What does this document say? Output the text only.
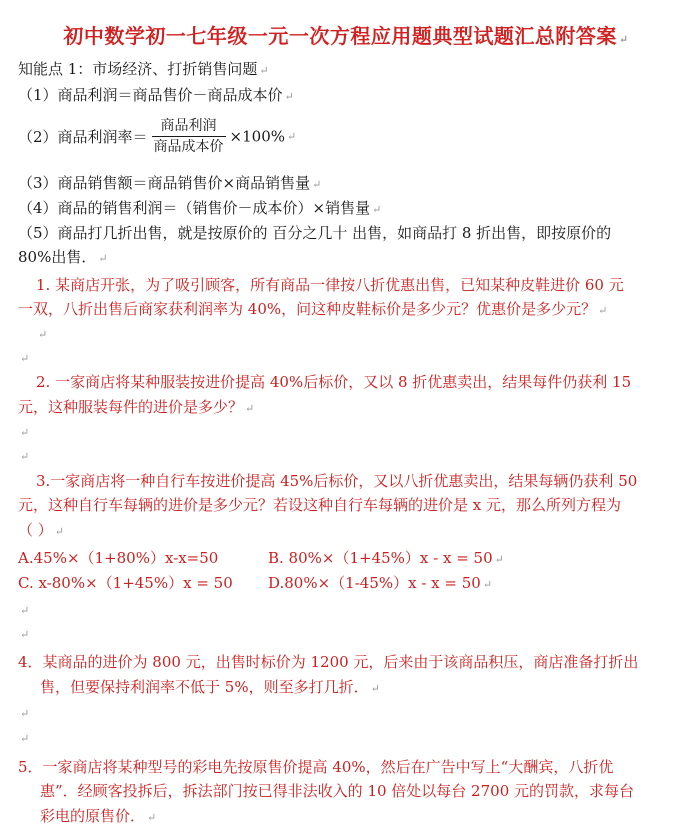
初中数学初一七年级一元一次方程应用题典型试题汇总附答案 ↵
知能点 1：市场经济、打折销售问题 ↵
（1）商品利润＝商品售价－商品成本价 ↵
（2）商品利润率＝ $\frac{\text{商品利润}}{\text{商品成本价}} \times 100\%$ ↵
（3）商品销售额＝商品销售价×商品销售量 ↵
（4）商品的销售利润＝（销售价－成本价）×销售量 ↵
（5）商品打几折出售，就是按原价的 百分之几十 出售，如商品打 8 折出售，即按原价的
80%出售． ↵
1. 某商店开张，为了吸引顾客，所有商品一律按八折优惠出售，已知某种皮鞋进价 60 元
一双，八折出售后商家获利润率为 40%，问这种皮鞋标价是多少元？优惠价是多少元？ ↵
↵
↵
2. 一家商店将某种服装按进价提高 40%后标价，又以 8 折优惠卖出，结果每件仍获利 15
元，这种服装每件的进价是多少？ ↵
↵
↵
3.一家商店将一种自行车按进价提高 45%后标价，又以八折优惠卖出，结果每辆仍获利 50
元，这种自行车每辆的进价是多少元？若设这种自行车每辆的进价是 x 元，那么所列方程为
（ ） ↵
A.45%×（1+80%）x-x=50	B. 80%×（1+45%）x - x = 50 ↵
C. x-80%×（1+45%）x = 50 D.80%×（1-45%）x - x = 50 ↵
↵
↵
4．某商品的进价为 800 元，出售时标价为 1200 元，后来由于该商品积压，商店准备打折出
售，但要保持利润率不低于 5%，则至多打几折． ↵
↵
↵
5．一家商店将某种型号的彩电先按原售价提高 40%，然后在广告中写上“大酬宾，八折优
惠”．经顾客投拆后，拆法部门按已得非法收入的 10 倍处以每台 2700 元的罚款，求每台
彩电的原售价． ↵
